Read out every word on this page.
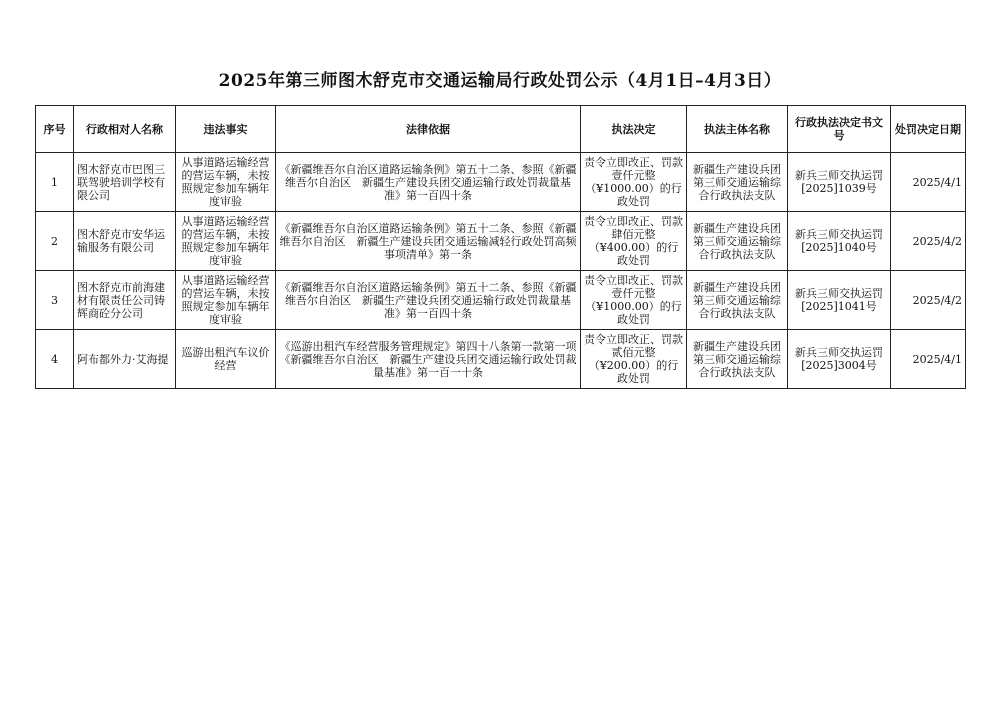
2025年第三师图木舒克市交通运输局行政处罚公示（4月1日–4月3日）
序号	行政相对人名称	违法事实	法律依据	执法决定	执法主体名称	行政执法决定书文号	处罚决定日期
1	图木舒克市巴图三联驾驶培训学校有限公司	从事道路运输经营的营运车辆，未按照规定参加车辆年度审验	《新疆维吾尔自治区道路运输条例》第五十二条、参照《新疆维吾尔自治区　新疆生产建设兵团交通运输行政处罚裁量基准》第一百四十条	责令立即改正、罚款壹仟元整（¥1000.00）的行政处罚	新疆生产建设兵团第三师交通运输综合行政执法支队	新兵三师交执运罚[2025]1039号	2025/4/1
2	图木舒克市安华运输服务有限公司	从事道路运输经营的营运车辆，未按照规定参加车辆年度审验	《新疆维吾尔自治区道路运输条例》第五十二条、参照《新疆维吾尔自治区　新疆生产建设兵团交通运输减轻行政处罚高频事项清单》第一条	责令立即改正、罚款肆佰元整（¥400.00）的行政处罚	新疆生产建设兵团第三师交通运输综合行政执法支队	新兵三师交执运罚[2025]1040号	2025/4/2
3	图木舒克市前海建材有限责任公司铸辉商砼分公司	从事道路运输经营的营运车辆，未按照规定参加车辆年度审验	《新疆维吾尔自治区道路运输条例》第五十二条、参照《新疆维吾尔自治区　新疆生产建设兵团交通运输行政处罚裁量基准》第一百四十条	责令立即改正、罚款壹仟元整（¥1000.00）的行政处罚	新疆生产建设兵团第三师交通运输综合行政执法支队	新兵三师交执运罚[2025]1041号	2025/4/2
4	阿布都外力·艾海提	巡游出租汽车议价经营	《巡游出租汽车经营服务管理规定》第四十八条第一款第一项《新疆维吾尔自治区　新疆生产建设兵团交通运输行政处罚裁量基准》第一百一十条	责令立即改正、罚款贰佰元整（¥200.00）的行政处罚	新疆生产建设兵团第三师交通运输综合行政执法支队	新兵三师交执运罚[2025]3004号	2025/4/1
